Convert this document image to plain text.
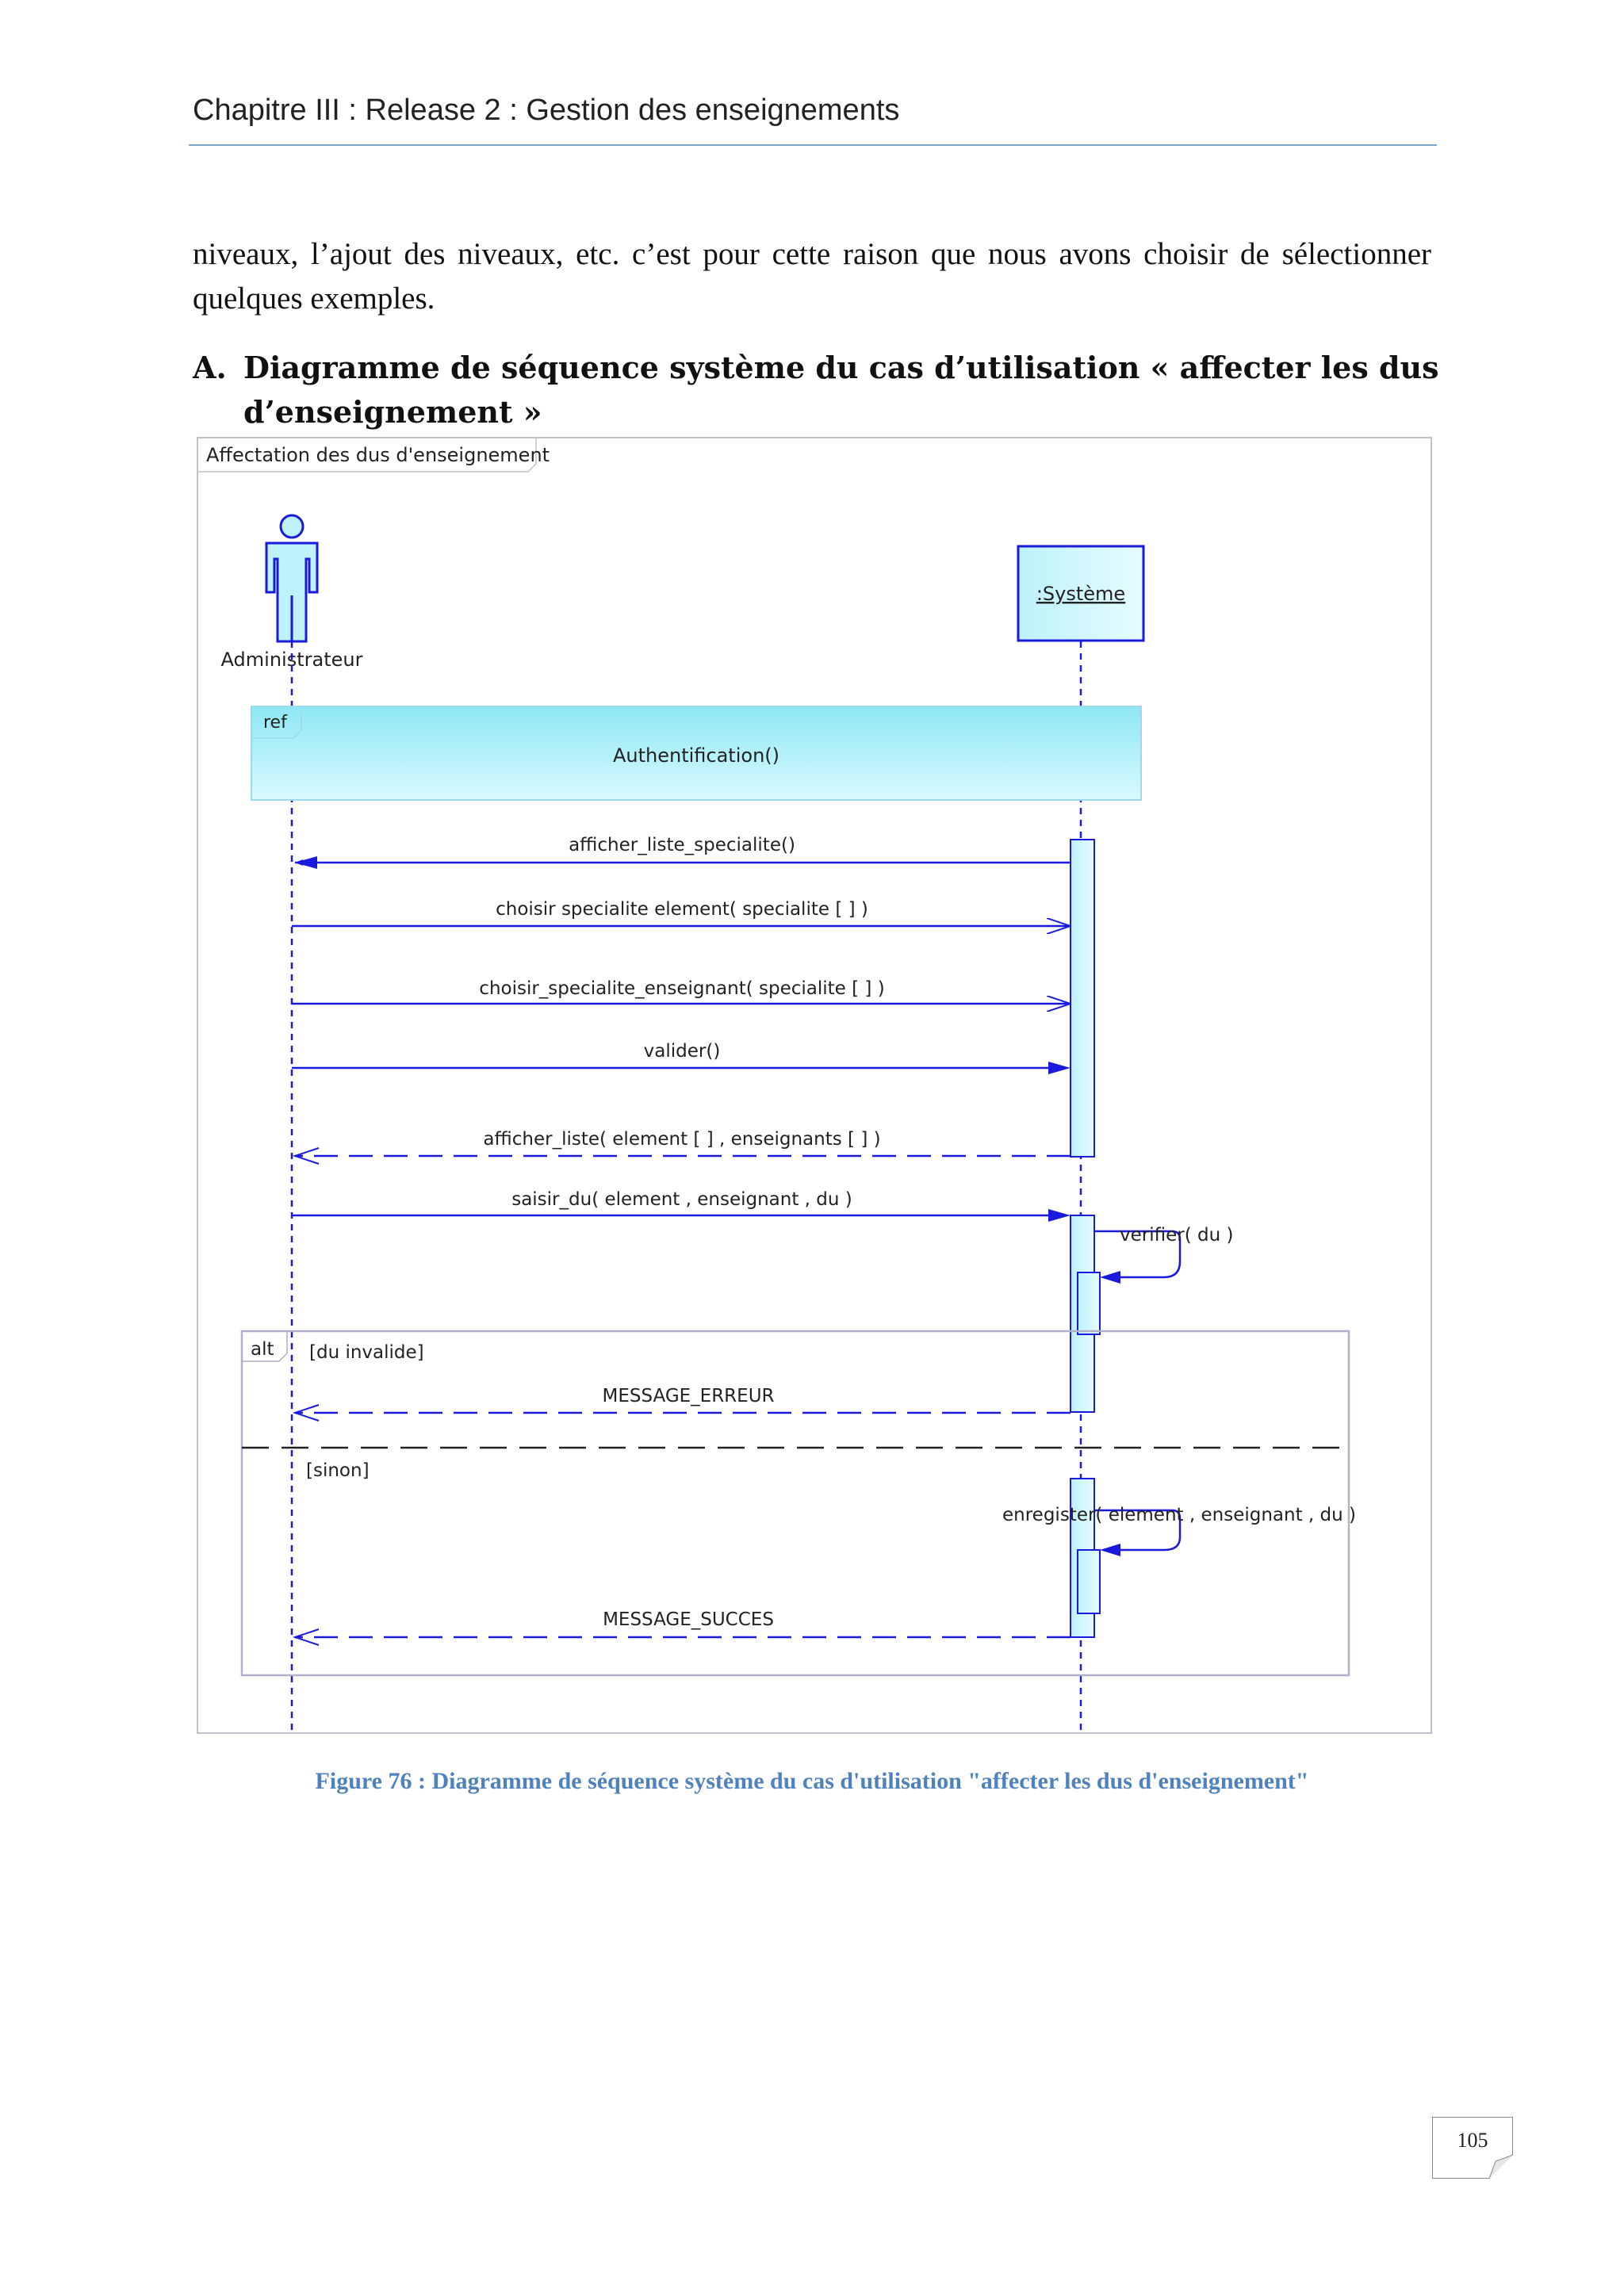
Chapitre III : Release 2 : Gestion des enseignements
niveaux, l’ajout des niveaux, etc. c’est pour cette raison que nous avons choisir de sélectionner quelques exemples.
A. Diagramme de séquence système du cas d’utilisation « affecter les dus
d’enseignement »
Affectation des dus d'enseignement
Administrateur
:Système
ref
Authentification()
afficher_liste_specialite()
choisir specialite element( specialite [ ] )
choisir_specialite_enseignant( specialite [ ] )
valider()
afficher_liste( element [ ] , enseignants [ ] )
saisir_du( element , enseignant , du )
verifier( du )
alt [du invalide]
MESSAGE_ERREUR
[sinon]
enregister( element , enseignant , du )
MESSAGE_SUCCES
Figure 76 : Diagramme de séquence système du cas d'utilisation "affecter les dus d'enseignement"
105
